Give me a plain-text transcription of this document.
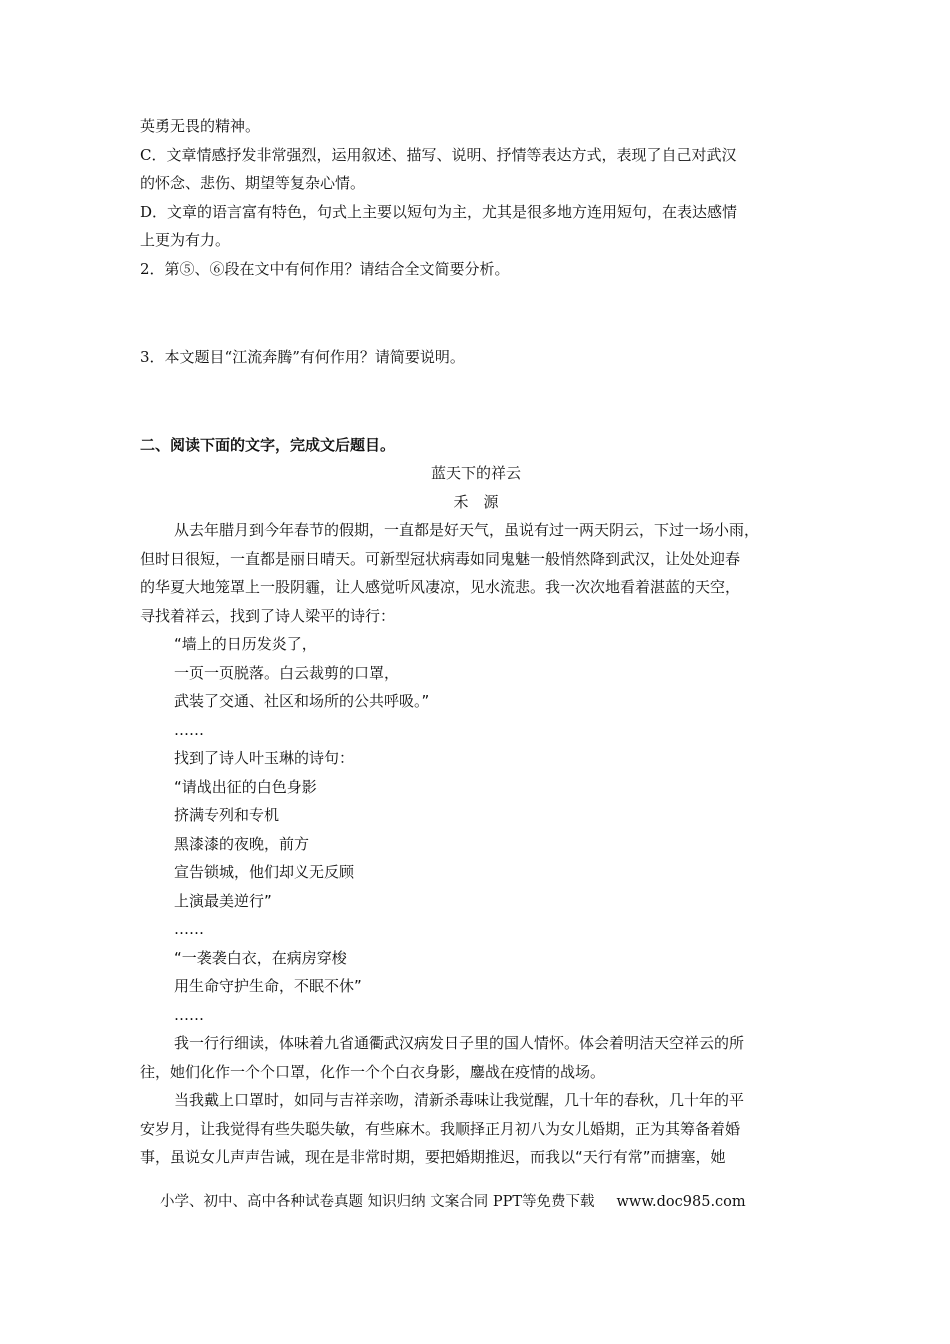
英勇无畏的精神。

C．文章情感抒发非常强烈，运用叙述、描写、说明、抒情等表达方式，表现了自己对武汉

的怀念、悲伤、期望等复杂心情。

D．文章的语言富有特色，句式上主要以短句为主，尤其是很多地方连用短句，在表达感情

上更为有力。

2．第⑤、⑥段在文中有何作用？请结合全文简要分析。

3．本文题目“江流奔腾”有何作用？请简要说明。

二、阅读下面的文字，完成文后题目。

蓝天下的祥云

禾　源

从去年腊月到今年春节的假期，一直都是好天气，虽说有过一两天阴云，下过一场小雨，

但时日很短，一直都是丽日晴天。可新型冠状病毒如同鬼魅一般悄然降到武汉，让处处迎春

的华夏大地笼罩上一股阴霾，让人感觉听风凄凉，见水流悲。我一次次地看着湛蓝的天空，

寻找着祥云，找到了诗人梁平的诗行：

“墙上的日历发炎了，

一页一页脱落。白云裁剪的口罩，

武装了交通、社区和场所的公共呼吸。”

……

找到了诗人叶玉琳的诗句：

“请战出征的白色身影

挤满专列和专机

黑漆漆的夜晚，前方

宣告锁城，他们却义无反顾

上演最美逆行”

……

“一袭袭白衣，在病房穿梭

用生命守护生命，不眠不休”

……

我一行行细读，体味着九省通衢武汉病发日子里的国人情怀。体会着明洁天空祥云的所

往，她们化作一个个口罩，化作一个个白衣身影，鏖战在疫情的战场。

当我戴上口罩时，如同与吉祥亲吻，清新杀毒味让我觉醒，几十年的春秋，几十年的平

安岁月，让我觉得有些失聪失敏，有些麻木。我顺择正月初八为女儿婚期，正为其筹备着婚

事，虽说女儿声声告诫，现在是非常时期，要把婚期推迟，而我以“天行有常”而搪塞，她

小学、初中、高中各种试卷真题 知识归纳 文案合同 PPT等免费下载 www.doc985.com
